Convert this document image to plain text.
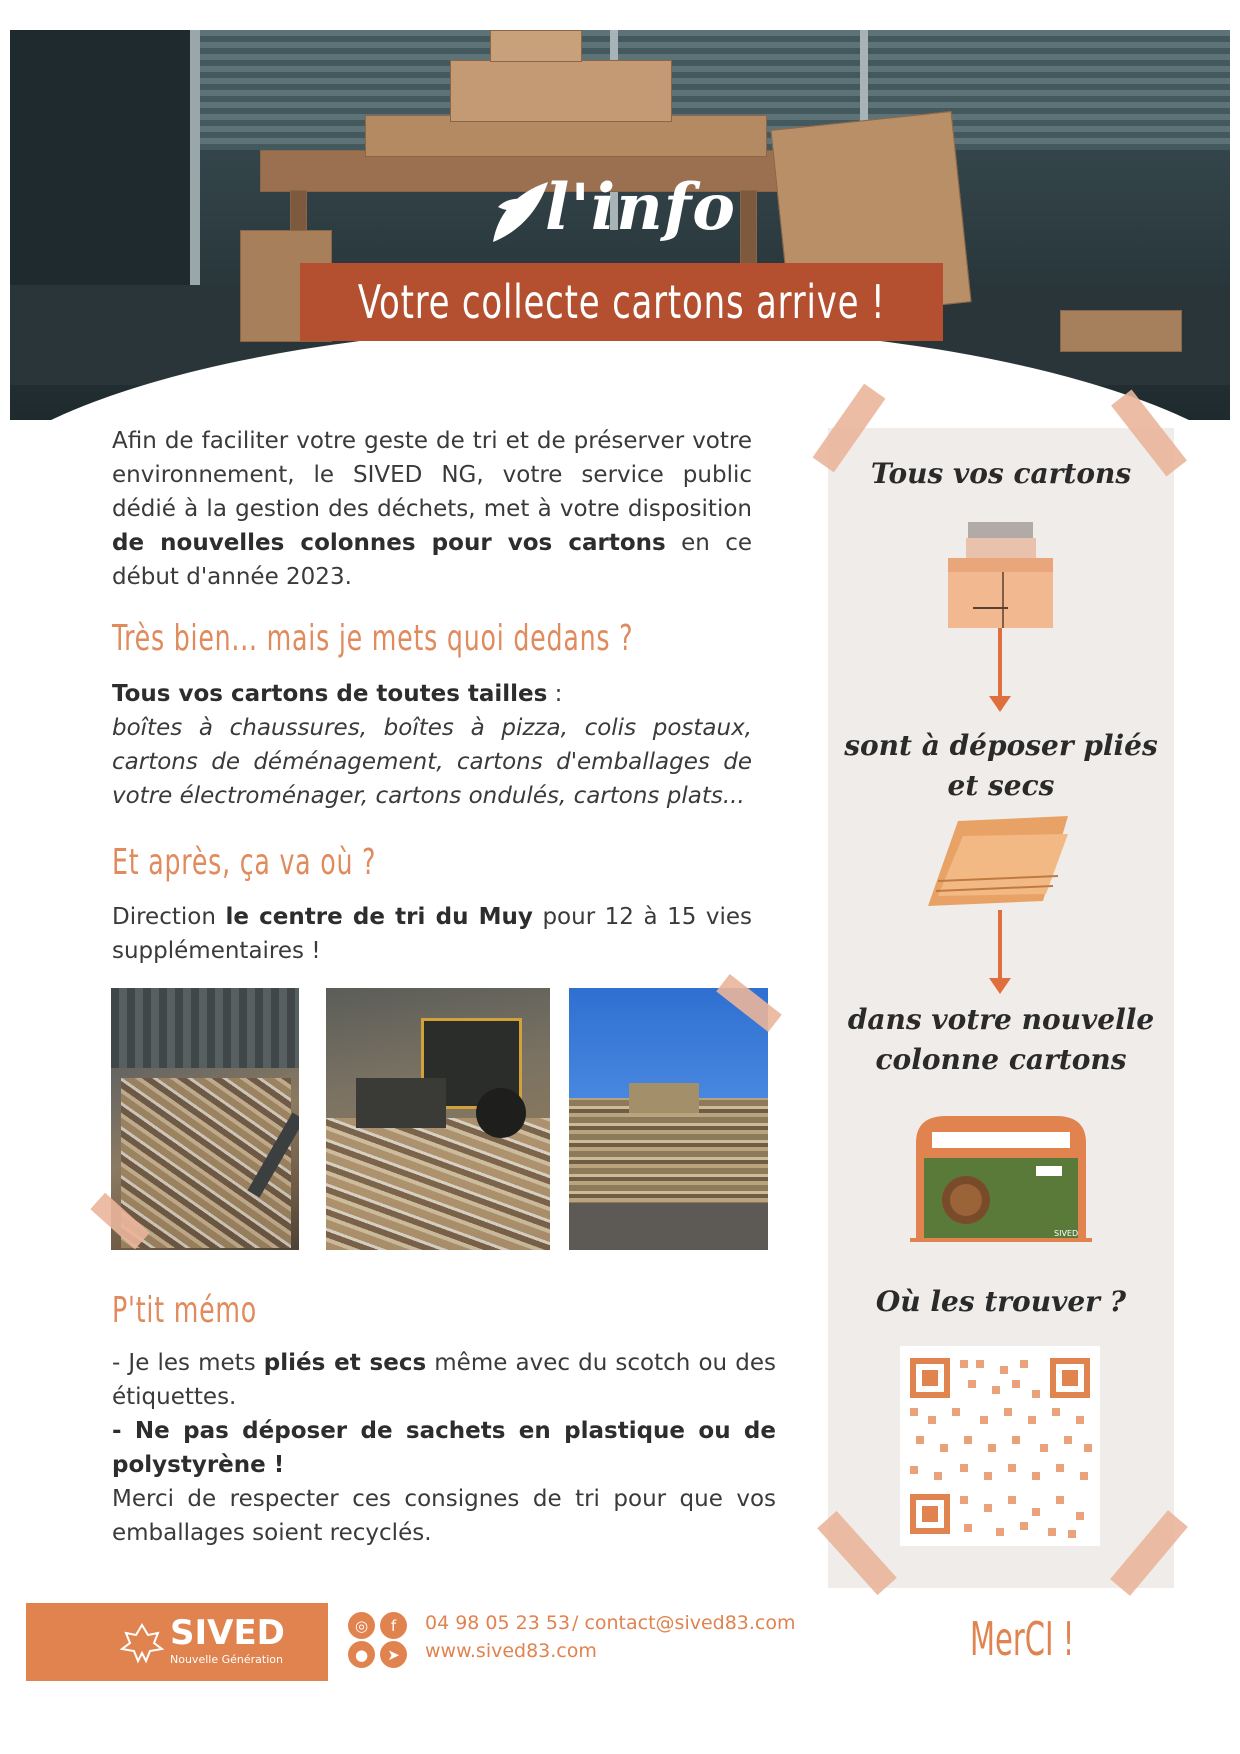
l'info
Votre collecte cartons arrive !
Afin de faciliter votre geste de tri et de préserver votre environnement, le SIVED NG, votre service public dédié à la gestion des déchets, met à votre disposition de nouvelles colonnes pour vos cartons en ce début d'année 2023.
Très bien... mais je mets quoi dedans ?
Tous vos cartons de toutes tailles :
boîtes à chaussures, boîtes à pizza, colis postaux, cartons de déménagement, cartons d'emballages de votre électroménager, cartons ondulés, cartons plats...
Et après, ça va où ?
Direction le centre de tri du Muy pour 12 à 15 vies supplémentaires !
P'tit mémo
- Je les mets pliés et secs même avec du scotch ou des étiquettes.
- Ne pas déposer de sachets en plastique ou de polystyrène !
Merci de respecter ces consignes de tri pour que vos emballages soient recyclés.
Tous vos cartons
sont à déposer pliés et secs
dans votre nouvelle colonne cartons
SIVED
Où les trouver ?
SIVED
Nouvelle Génération
◎	f
●	➤
04 98 05 23 53 / contact@sived83.com
www.sived83.com	MerCI !
